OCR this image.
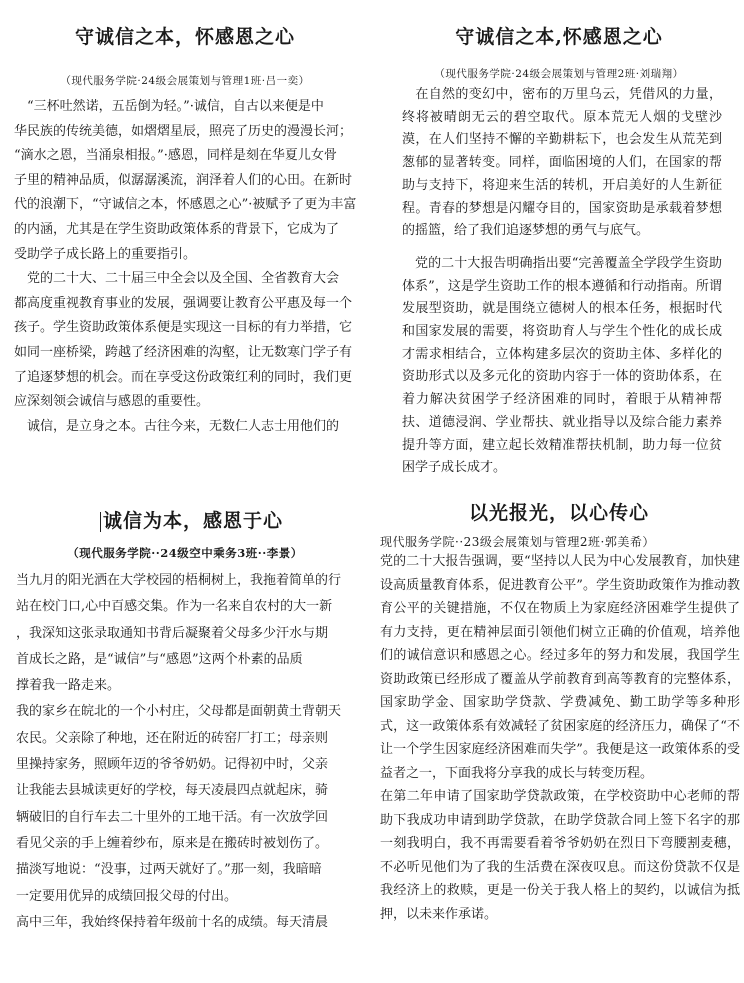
守诚信之本，怀感恩之心
（现代服务学院·24级会展策划与管理1班·吕一奕）

　“三杯吐然诺，五岳倒为轻。”·诚信，自古以来便是中
华民族的传统美德，如熠熠星辰，照亮了历史的漫漫长河；
“滴水之恩，当涌泉相报。”·感恩，同样是刻在华夏儿女骨
子里的精神品质，似潺潺溪流，润泽着人们的心田。在新时
代的浪潮下，“守诚信之本，怀感恩之心”·被赋予了更为丰富
的内涵，尤其是在学生资助政策体系的背景下，它成为了
受助学子成长路上的重要指引。

　党的二十大、二十届三中全会以及全国、全省教育大会
都高度重视教育事业的发展，强调要让教育公平惠及每一个
孩子。学生资助政策体系便是实现这一目标的有力举措，它
如同一座桥梁，跨越了经济困难的沟壑，让无数寒门学子有
了追逐梦想的机会。而在享受这份政策红利的同时，我们更
应深刻领会诚信与感恩的重要性。

　诚信，是立身之本。古往今来，无数仁人志士用他们的

守诚信之本,怀感恩之心
（现代服务学院·24级会展策划与管理2班·刘瑞翔）

　在自然的变幻中，密布的万里乌云，凭借风的力量，终将被晴朗无云的碧空取代。原本荒无人烟的戈壁沙漠，在人们坚持不懈的辛勤耕耘下，也会发生从荒芜到葱郁的显著转变。同样，面临困境的人们，在国家的帮助与支持下，将迎来生活的转机，开启美好的人生新征程。青春的梦想是闪耀夺目的，国家资助是承载着梦想的摇篮，给了我们追逐梦想的勇气与底气。

　党的二十大报告明确指出要“完善覆盖全学段学生资助体系”，这是学生资助工作的根本遵循和行动指南。所谓发展型资助，就是围绕立德树人的根本任务，根据时代和国家发展的需要，将资助育人与学生个性化的成长成才需求相结合，立体构建多层次的资助主体、多样化的资助形式以及多元化的资助内容于一体的资助体系，在着力解决贫困学子经济困难的同时，着眼于从精神帮扶、道德浸润、学业帮扶、就业指导以及综合能力素养提升等方面，建立起长效精准帮扶机制，助力每一位贫困学子成长成才。

诚信为本，感恩于心
（现代服务学院··24级空中乘务3班··李景）

当九月的阳光洒在大学校园的梧桐树上，我拖着简单的行
站在校门口,心中百感交集。作为一名来自农村的大一新
，我深知这张录取通知书背后凝聚着父母多少汗水与期
首成长之路，是“诚信”与“感恩”这两个朴素的品质
撑着我一路走来。

我的家乡在皖北的一个小村庄，父母都是面朝黄土背朝天
农民。父亲除了种地，还在附近的砖窑厂打工；母亲则
里操持家务，照顾年迈的爷爷奶奶。记得初中时，父亲
让我能去县城读更好的学校，每天凌晨四点就起床，骑
辆破旧的自行车去二十里外的工地干活。有一次放学回
看见父亲的手上缠着纱布，原来是在搬砖时被划伤了。
描淡写地说：“没事，过两天就好了。”那一刻，我暗暗
一定要用优异的成绩回报父母的付出。

高中三年，我始终保持着年级前十名的成绩。每天清晨

以光报光，以心传心
现代服务学院··23级会展策划与管理2班·郭美希）

党的二十大报告强调，要“坚持以人民为中心发展教育，加快建设高质量教育体系，促进教育公平”。学生资助政策作为推动教育公平的关键措施，不仅在物质上为家庭经济困难学生提供了有力支持，更在精神层面引领他们树立正确的价值观，培养他们的诚信意识和感恩之心。经过多年的努力和发展，我国学生资助政策已经形成了覆盖从学前教育到高等教育的完整体系，国家助学金、国家助学贷款、学费减免、勤工助学等多种形式，这一政策体系有效减轻了贫困家庭的经济压力，确保了“不让一个学生因家庭经济困难而失学”。我便是这一政策体系的受益者之一，下面我将分享我的成长与转变历程。

在第二年申请了国家助学贷款政策，在学校资助中心老师的帮助下我成功申请到助学贷款，在助学贷款合同上签下名字的那一刻我明白，我不再需要看着爷爷奶奶在烈日下弯腰割麦穗，不必听见他们为了我的生活费在深夜叹息。而这份贷款不仅是我经济上的救赎，更是一份关于我人格上的契约，以诚信为抵押，以未来作承诺。
